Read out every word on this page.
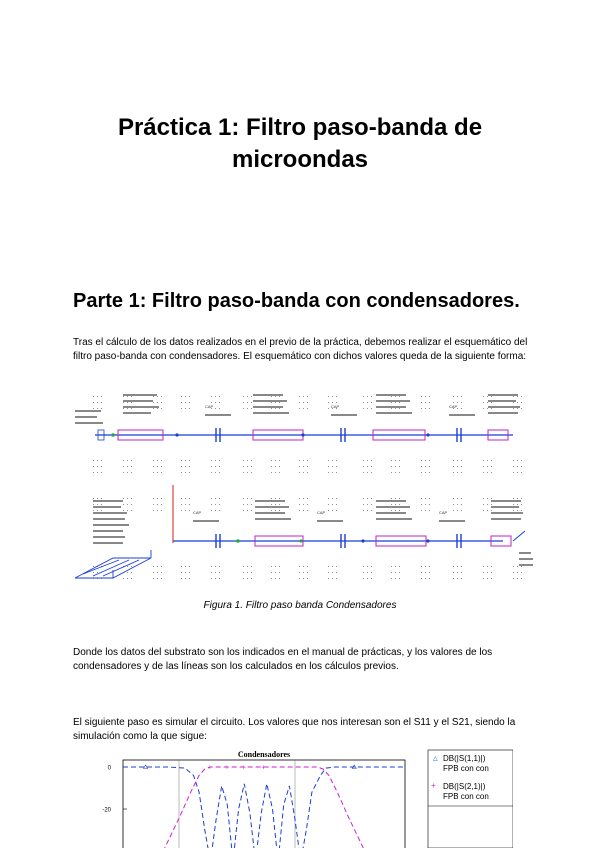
Práctica 1: Filtro paso-banda de microondas
Parte 1: Filtro paso-banda con condensadores.
Tras el cálculo de los datos realizados en el previo de la práctica, debemos realizar el esquemático del filtro paso-banda con condensadores. El esquemático con dichos valores queda de la siguiente forma:
CAP	CAP	CAP
CAP	CAP	CAP
Figura 1. Filtro paso banda Condensadores
Donde los datos del substrato son los indicados en el manual de prácticas, y los valores de los condensadores y de las líneas son los calculados en los cálculos previos.
El siguiente paso es simular el circuito. Los valores que nos interesan son el S11 y el S21, siendo la simulación como la que sigue:
Condensadores
0
-20
+ + + +
△ DB(|S(1,1)|)
FPB con con
+ DB(|S(2,1)|)
FPB con con
